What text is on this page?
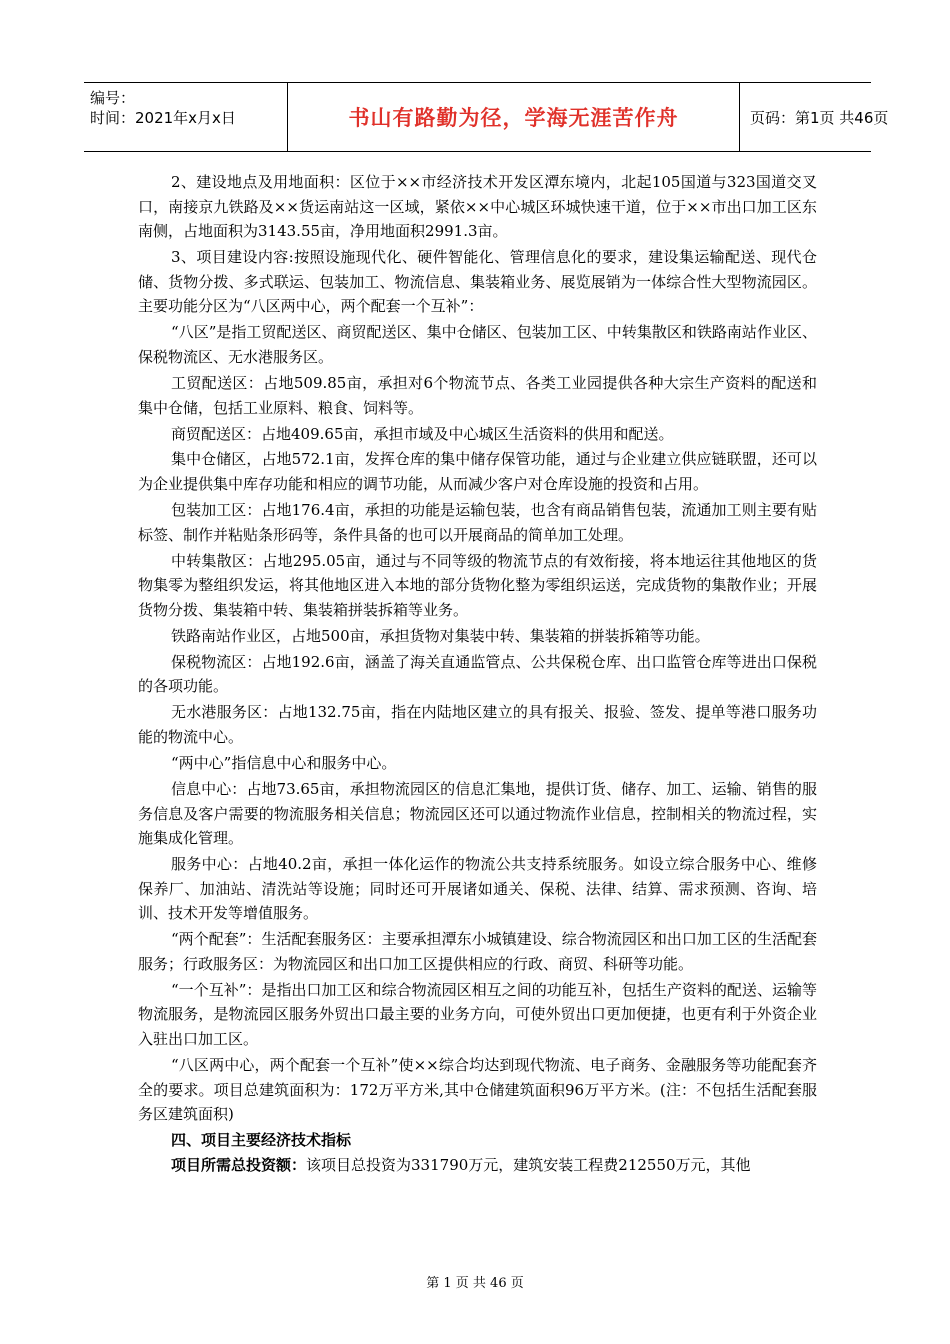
编号：
时间：2021年x月x日	书山有路勤为径，学海无涯苦作舟	页码：第1页 共46页

2、建设地点及用地面积：区位于××市经济技术开发区潭东境内，北起105国道与323国道交叉口，南接京九铁路及××货运南站这一区域，紧依××中心城区环城快速干道，位于××市出口加工区东南侧，占地面积为3143.55亩，净用地面积2991.3亩。

3、项目建设内容:按照设施现代化、硬件智能化、管理信息化的要求，建设集运输配送、现代仓储、货物分拨、多式联运、包装加工、物流信息、集装箱业务、展览展销为一体综合性大型物流园区。主要功能分区为“八区两中心，两个配套一个互补”：

“八区”是指工贸配送区、商贸配送区、集中仓储区、包装加工区、中转集散区和铁路南站作业区、保税物流区、无水港服务区。

工贸配送区：占地509.85亩，承担对6个物流节点、各类工业园提供各种大宗生产资料的配送和集中仓储，包括工业原料、粮食、饲料等。

商贸配送区：占地409.65亩，承担市域及中心城区生活资料的供用和配送。

集中仓储区，占地572.1亩，发挥仓库的集中储存保管功能，通过与企业建立供应链联盟，还可以为企业提供集中库存功能和相应的调节功能，从而减少客户对仓库设施的投资和占用。

包装加工区：占地176.4亩，承担的功能是运输包装，也含有商品销售包装，流通加工则主要有贴标签、制作并粘贴条形码等，条件具备的也可以开展商品的简单加工处理。

中转集散区：占地295.05亩，通过与不同等级的物流节点的有效衔接，将本地运往其他地区的货物集零为整组织发运，将其他地区进入本地的部分货物化整为零组织运送，完成货物的集散作业；开展货物分拨、集装箱中转、集装箱拼装拆箱等业务。

铁路南站作业区，占地500亩，承担货物对集装中转、集装箱的拼装拆箱等功能。

保税物流区：占地192.6亩，涵盖了海关直通监管点、公共保税仓库、出口监管仓库等进出口保税的各项功能。

无水港服务区：占地132.75亩，指在内陆地区建立的具有报关、报验、签发、提单等港口服务功能的物流中心。

“两中心”指信息中心和服务中心。

信息中心：占地73.65亩，承担物流园区的信息汇集地，提供订货、储存、加工、运输、销售的服务信息及客户需要的物流服务相关信息；物流园区还可以通过物流作业信息，控制相关的物流过程，实施集成化管理。

服务中心：占地40.2亩，承担一体化运作的物流公共支持系统服务。如设立综合服务中心、维修保养厂、加油站、清洗站等设施；同时还可开展诸如通关、保税、法律、结算、需求预测、咨询、培训、技术开发等增值服务。

“两个配套”：生活配套服务区：主要承担潭东小城镇建设、综合物流园区和出口加工区的生活配套服务；行政服务区：为物流园区和出口加工区提供相应的行政、商贸、科研等功能。

“一个互补”：是指出口加工区和综合物流园区相互之间的功能互补，包括生产资料的配送、运输等物流服务，是物流园区服务外贸出口最主要的业务方向，可使外贸出口更加便捷，也更有利于外资企业入驻出口加工区。

“八区两中心，两个配套一个互补”使××综合均达到现代物流、电子商务、金融服务等功能配套齐全的要求。项目总建筑面积为：172万平方米,其中仓储建筑面积96万平方米。(注：不包括生活配套服务区建筑面积)

四、项目主要经济技术指标

项目所需总投资额：该项目总投资为331790万元，建筑安装工程费212550万元，其他

第 1 页 共 46 页
